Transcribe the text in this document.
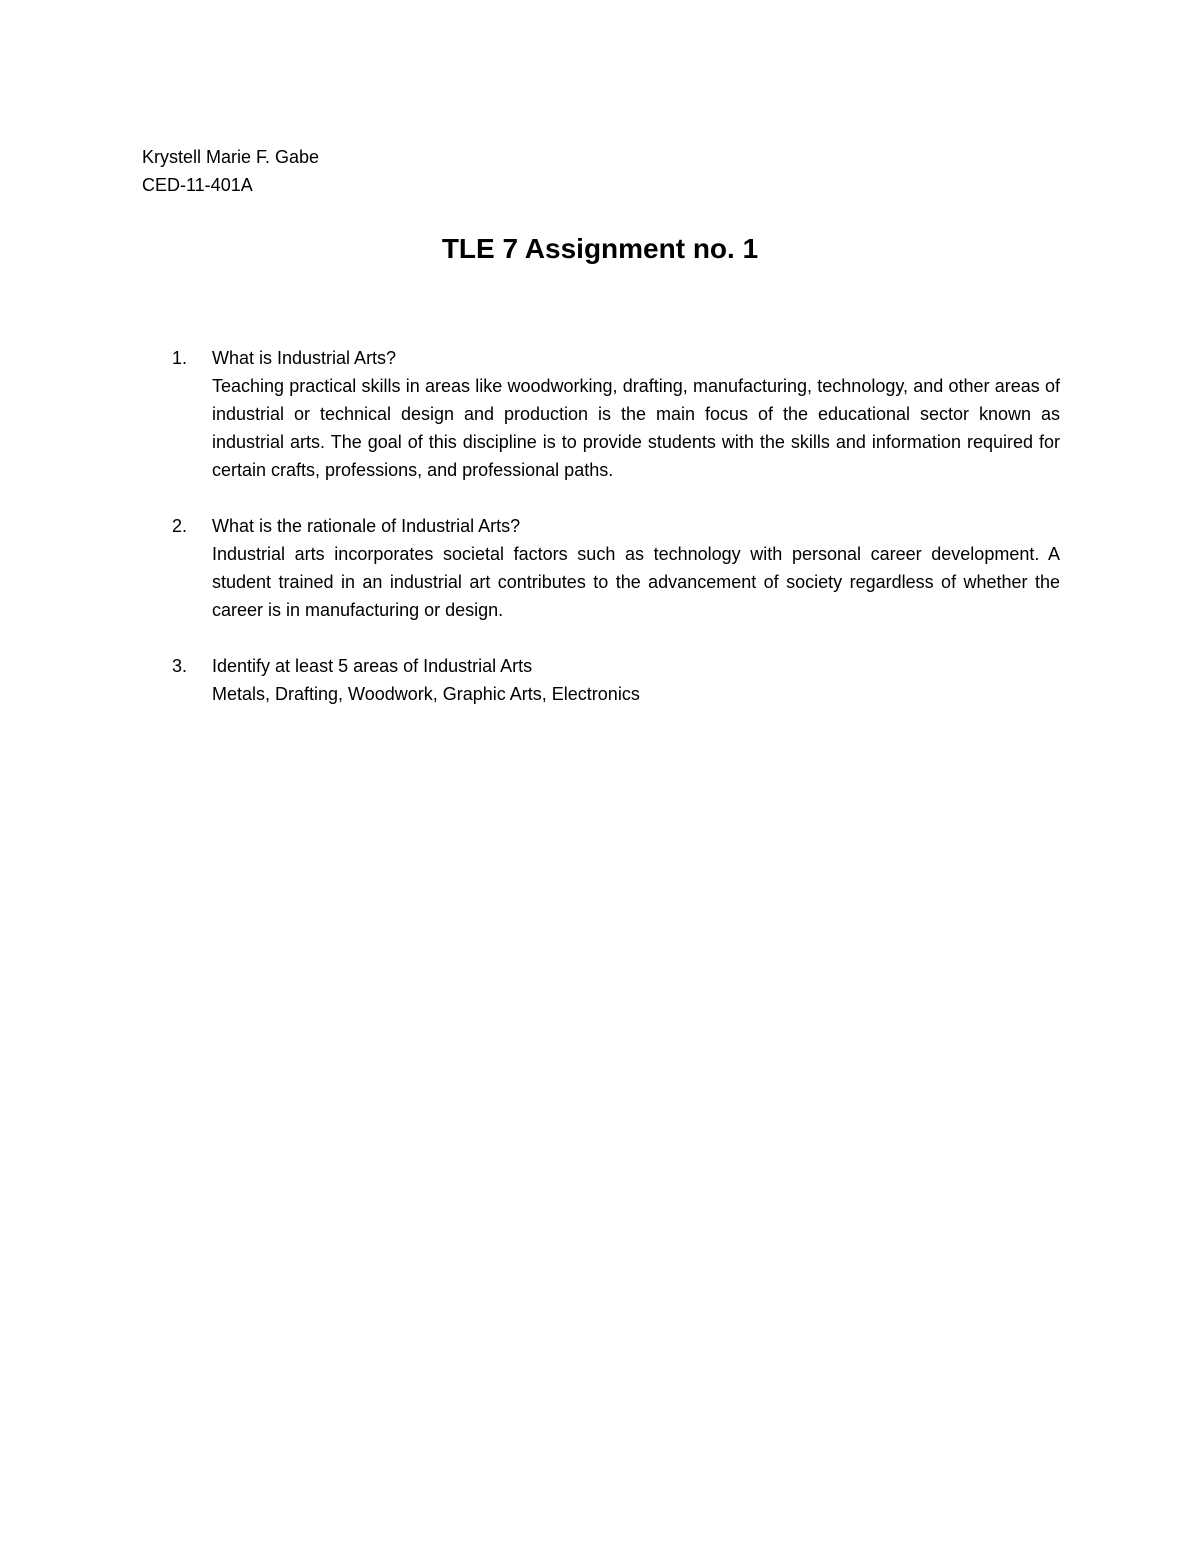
Krystell Marie F. Gabe
CED-11-401A
TLE 7 Assignment no. 1
1. What is Industrial Arts?
Teaching practical skills in areas like woodworking, drafting, manufacturing, technology, and other areas of industrial or technical design and production is the main focus of the educational sector known as industrial arts. The goal of this discipline is to provide students with the skills and information required for certain crafts, professions, and professional paths.
2. What is the rationale of Industrial Arts?
Industrial arts incorporates societal factors such as technology with personal career development. A student trained in an industrial art contributes to the advancement of society regardless of whether the career is in manufacturing or design.
3. Identify at least 5 areas of Industrial Arts
Metals, Drafting, Woodwork, Graphic Arts, Electronics
